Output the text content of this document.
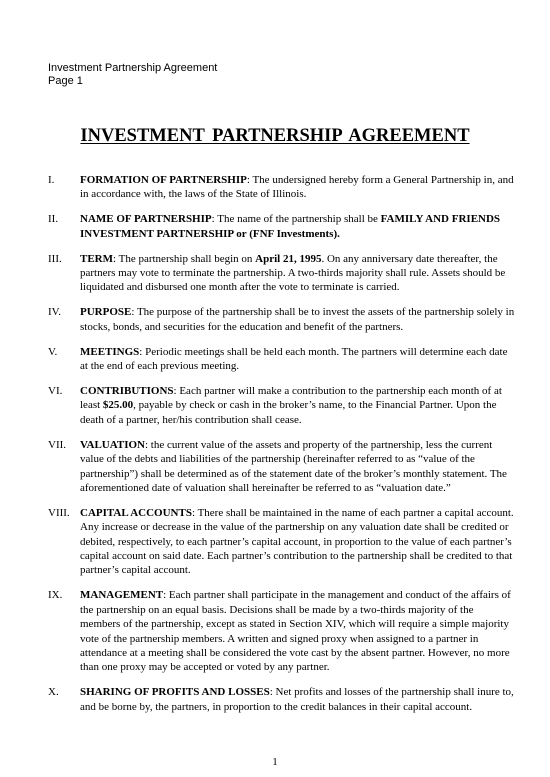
Investment Partnership Agreement
Page 1
INVESTMENT PARTNERSHIP AGREEMENT
I.	FORMATION OF PARTNERSHIP: The undersigned hereby form a General Partnership in, and in accordance with, the laws of the State of Illinois.
II.	NAME OF PARTNERSHIP: The name of the partnership shall be FAMILY AND FRIENDS INVESTMENT PARTNERSHIP or (FNF Investments).
III.	TERM: The partnership shall begin on April 21, 1995. On any anniversary date thereafter, the partners may vote to terminate the partnership. A two-thirds majority shall rule. Assets should be liquidated and disbursed one month after the vote to terminate is carried.
IV.	PURPOSE: The purpose of the partnership shall be to invest the assets of the partnership solely in stocks, bonds, and securities for the education and benefit of the partners.
V.	MEETINGS: Periodic meetings shall be held each month. The partners will determine each date at the end of each previous meeting.
VI.	CONTRIBUTIONS: Each partner will make a contribution to the partnership each month of at least $25.00, payable by check or cash in the broker’s name, to the Financial Partner. Upon the death of a partner, her/his contribution shall cease.
VII.	VALUATION: the current value of the assets and property of the partnership, less the current value of the debts and liabilities of the partnership (hereinafter referred to as “value of the partnership”) shall be determined as of the statement date of the broker’s monthly statement. The aforementioned date of valuation shall hereinafter be referred to as “valuation date.”
VIII. CAPITAL ACCOUNTS: There shall be maintained in the name of each partner a capital account. Any increase or decrease in the value of the partnership on any valuation date shall be credited or debited, respectively, to each partner’s capital account, in proportion to the value of each partner’s capital account on said date. Each partner’s contribution to the partnership shall be credited to that partner’s capital account.
IX.	MANAGEMENT: Each partner shall participate in the management and conduct of the affairs of the partnership on an equal basis. Decisions shall be made by a two-thirds majority of the members of the partnership, except as stated in Section XIV, which will require a simple majority vote of the partnership members. A written and signed proxy when assigned to a partner in attendance at a meeting shall be considered the vote cast by the absent partner. However, no more than one proxy may be accepted or voted by any partner.
X.	SHARING OF PROFITS AND LOSSES: Net profits and losses of the partnership shall inure to, and be borne by, the partners, in proportion to the credit balances in their capital account.
1
